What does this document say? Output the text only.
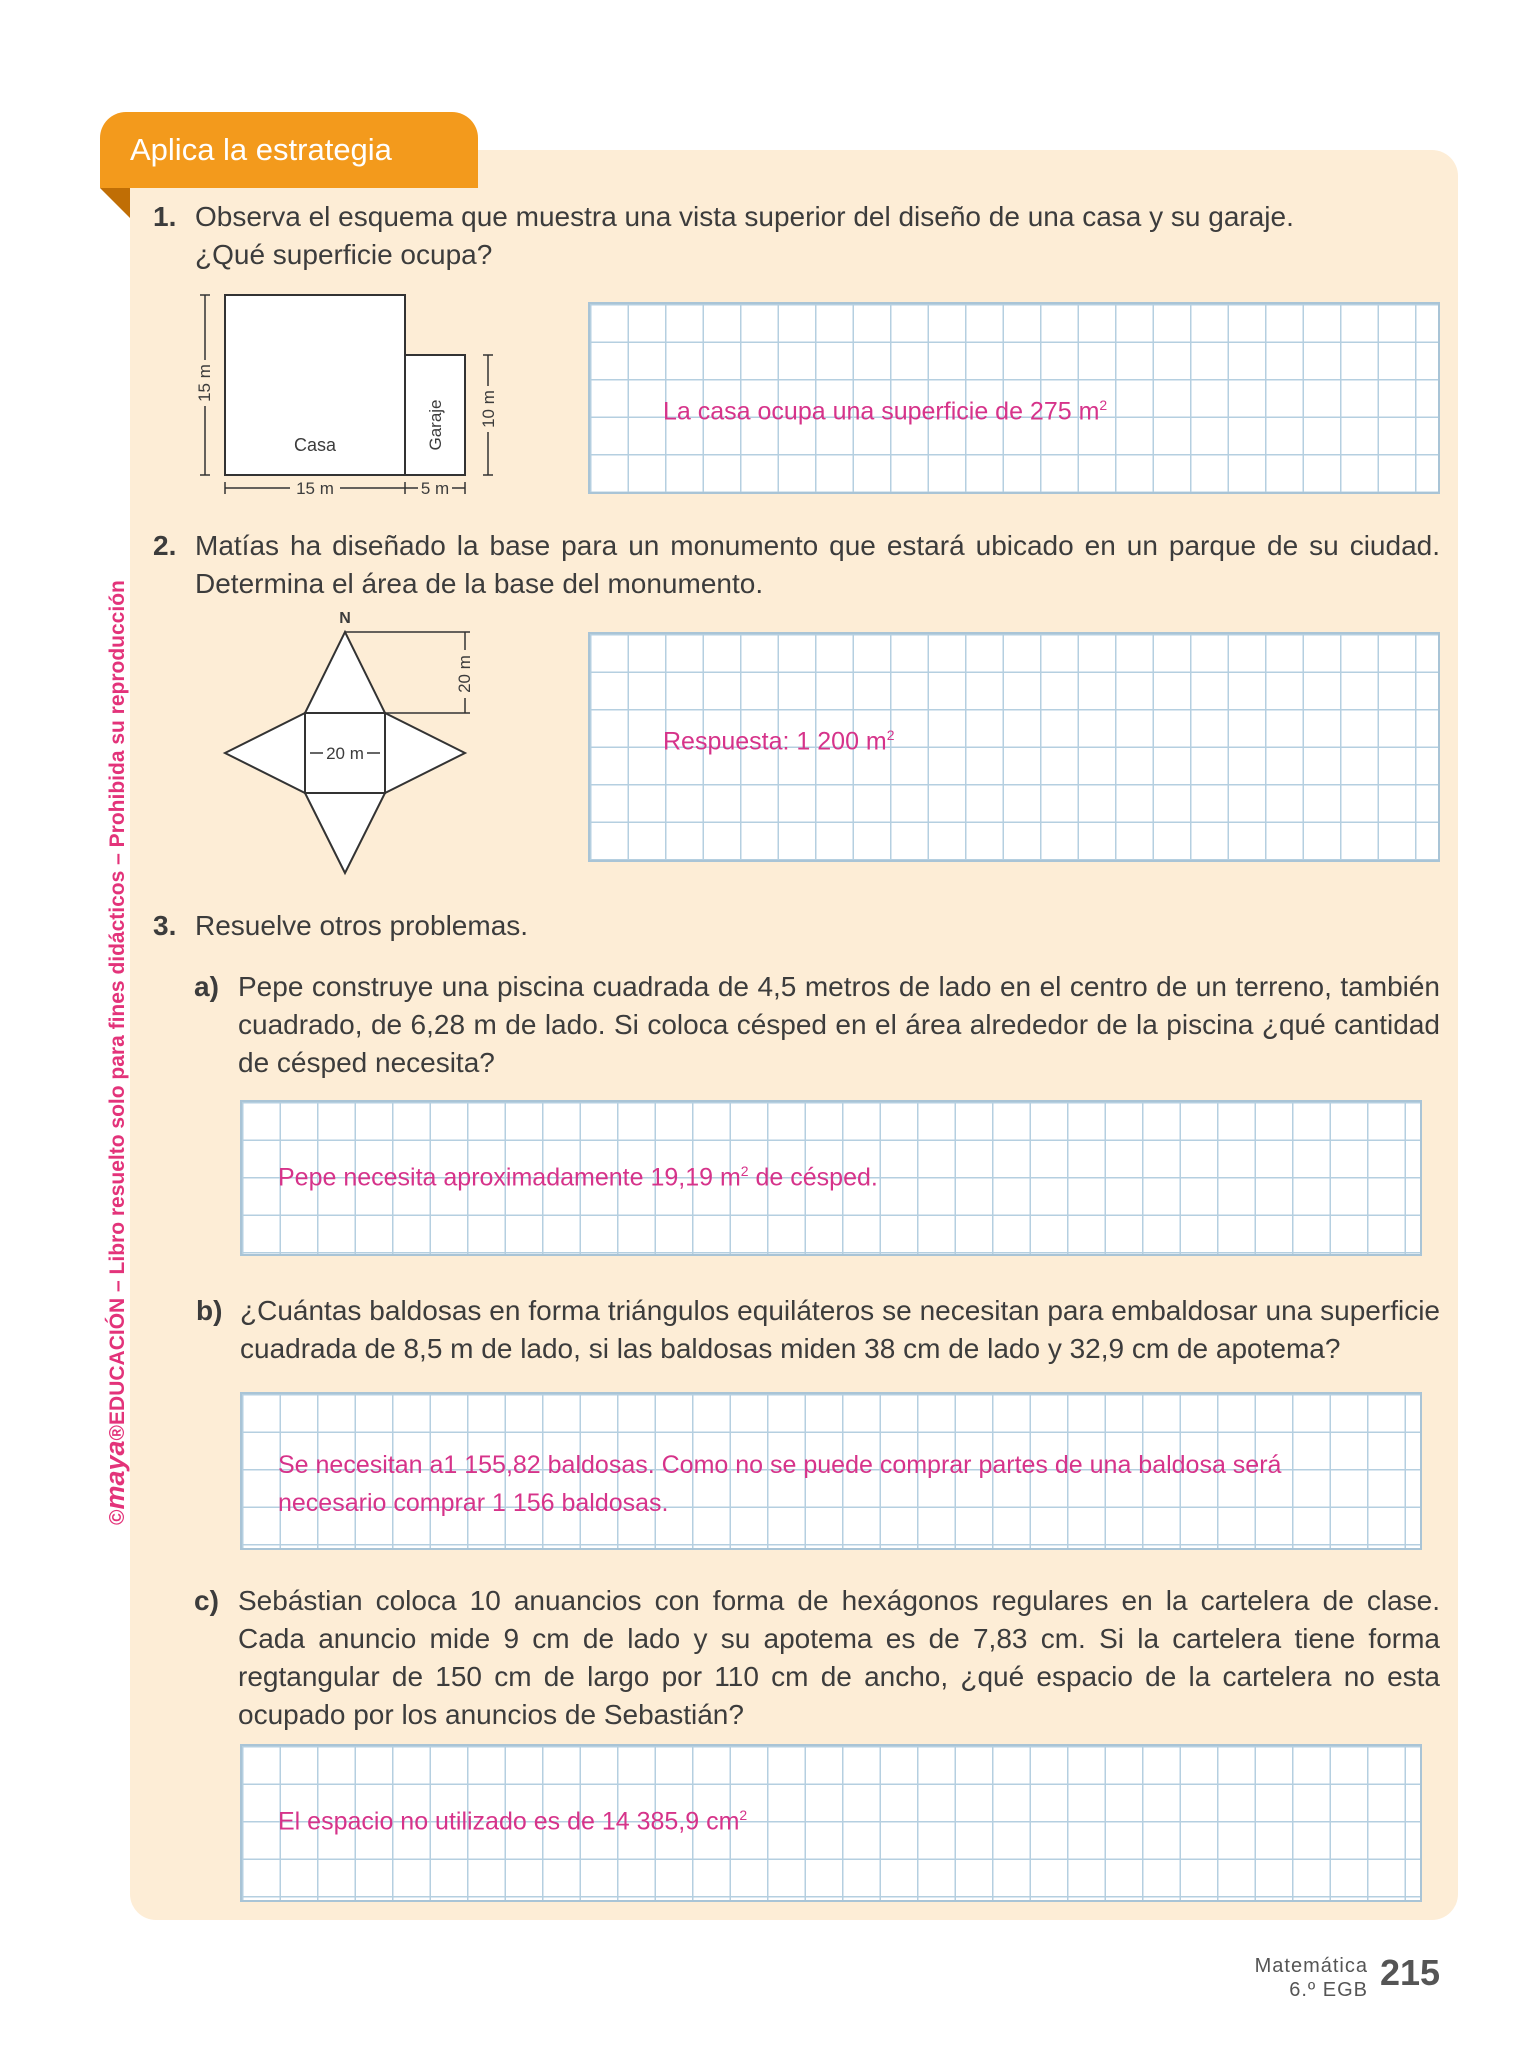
Aplica la estrategia
©maya®EDUCACIÓN – Libro resuelto solo para fines didácticos – Prohibida su reproducción
1. Observa el esquema que muestra una vista superior del diseño de una casa y su garaje. ¿Qué superficie ocupa?
15 m
10 m
Casa	Garaje
15 m	5 m
La casa ocupa una superficie de 275 $m^2$
2. Matías ha diseñado la base para un monumento que estará ubicado en un parque de su ciudad. Determina el área de la base del monumento.
N
20 m
20 m	Respuesta: 1 200 $m^2$
3. Resuelve otros problemas.
a) Pepe construye una piscina cuadrada de 4,5 metros de lado en el centro de un terreno, también cuadrado, de 6,28 m de lado. Si coloca césped en el área alrededor de la piscina ¿qué cantidad de césped necesita?
Pepe necesita aproximadamente 19,19 $m^2$ de césped.
b) ¿Cuántas baldosas en forma triángulos equiláteros se necesitan para embaldosar una superficie cuadrada de 8,5 m de lado, si las baldosas miden 38 cm de lado y 32,9 cm de apotema?
Se necesitan a1 155,82 baldosas. Como no se puede comprar partes de una baldosa será
necesario comprar 1 156 baldosas.
c) Sebástian coloca 10 anuancios con forma de hexágonos regulares en la cartelera de clase. Cada anuncio mide 9 cm de lado y su apotema es de 7,83 cm. Si la cartelera tiene forma regtangular de 150 cm de largo por 110 cm de ancho, ¿qué espacio de la cartelera no esta ocupado por los anuncios de Sebastián?
El espacio no utilizado es de 14 385,9 $cm^2$
Matemática
6.º EGB 215
